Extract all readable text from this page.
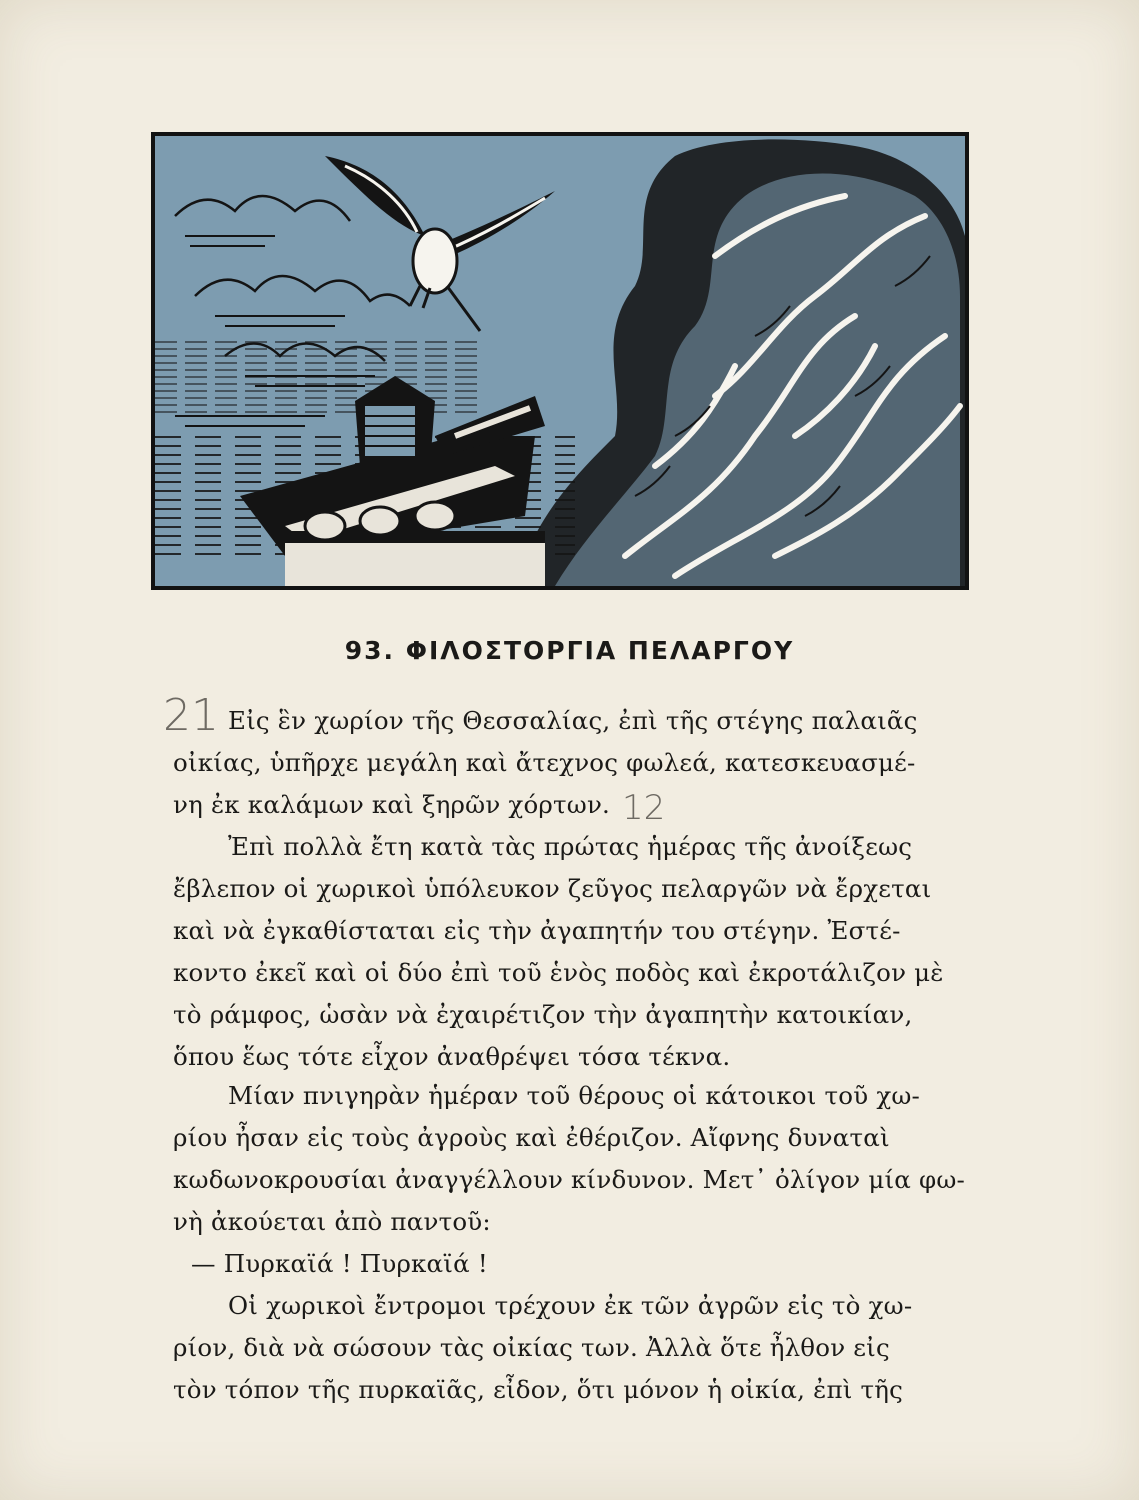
93. ΦΙΛΟΣΤΟΡΓΙΑ ΠΕΛΑΡΓΟΥ
Εἰς ἓν χωρίον τῆς Θεσσαλίας, ἐπὶ τῆς στέγης παλαιᾶς
οἰκίας, ὑπῆρχε μεγάλη καὶ ἄτεχνος φωλεά, κατεσκευασμέ-
νη ἐκ καλάμων καὶ ξηρῶν χόρτων.
Ἐπὶ πολλὰ ἔτη κατὰ τὰς πρώτας ἡμέρας τῆς ἀνοίξεως
ἔβλεπον οἱ χωρικοὶ ὑπόλευκον ζεῦγος πελαργῶν νὰ ἔρχεται
καὶ νὰ ἐγκαθίσταται εἰς τὴν ἀγαπητήν του στέγην. Ἐστέ-
κοντο ἐκεῖ καὶ οἱ δύο ἐπὶ τοῦ ἑνὸς ποδὸς καὶ ἐκροτάλιζον μὲ
τὸ ράμφος, ὡσὰν νὰ ἐχαιρέτιζον τὴν ἀγαπητὴν κατοικίαν,
ὅπου ἕως τότε εἶχον ἀναθρέψει τόσα τέκνα.
Μίαν πνιγηρὰν ἡμέραν τοῦ θέρους οἱ κάτοικοι τοῦ χω-
ρίου ἦσαν εἰς τοὺς ἀγροὺς καὶ ἐθέριζον. Αἴφνης δυναταὶ
κωδωνοκρουσίαι ἀναγγέλλουν κίνδυνον. Μετ᾽ ὀλίγον μία φω-
νὴ ἀκούεται ἀπὸ παντοῦ:
— Πυρκαϊά ! Πυρκαϊά !
Οἱ χωρικοὶ ἔντρομοι τρέχουν ἐκ τῶν ἀγρῶν εἰς τὸ χω-
ρίον, διὰ νὰ σώσουν τὰς οἰκίας των. Ἀλλὰ ὅτε ἦλθον εἰς
τὸν τόπον τῆς πυρκαϊᾶς, εἶδον, ὅτι μόνον ἡ οἰκία, ἐπὶ τῆς
21
12
